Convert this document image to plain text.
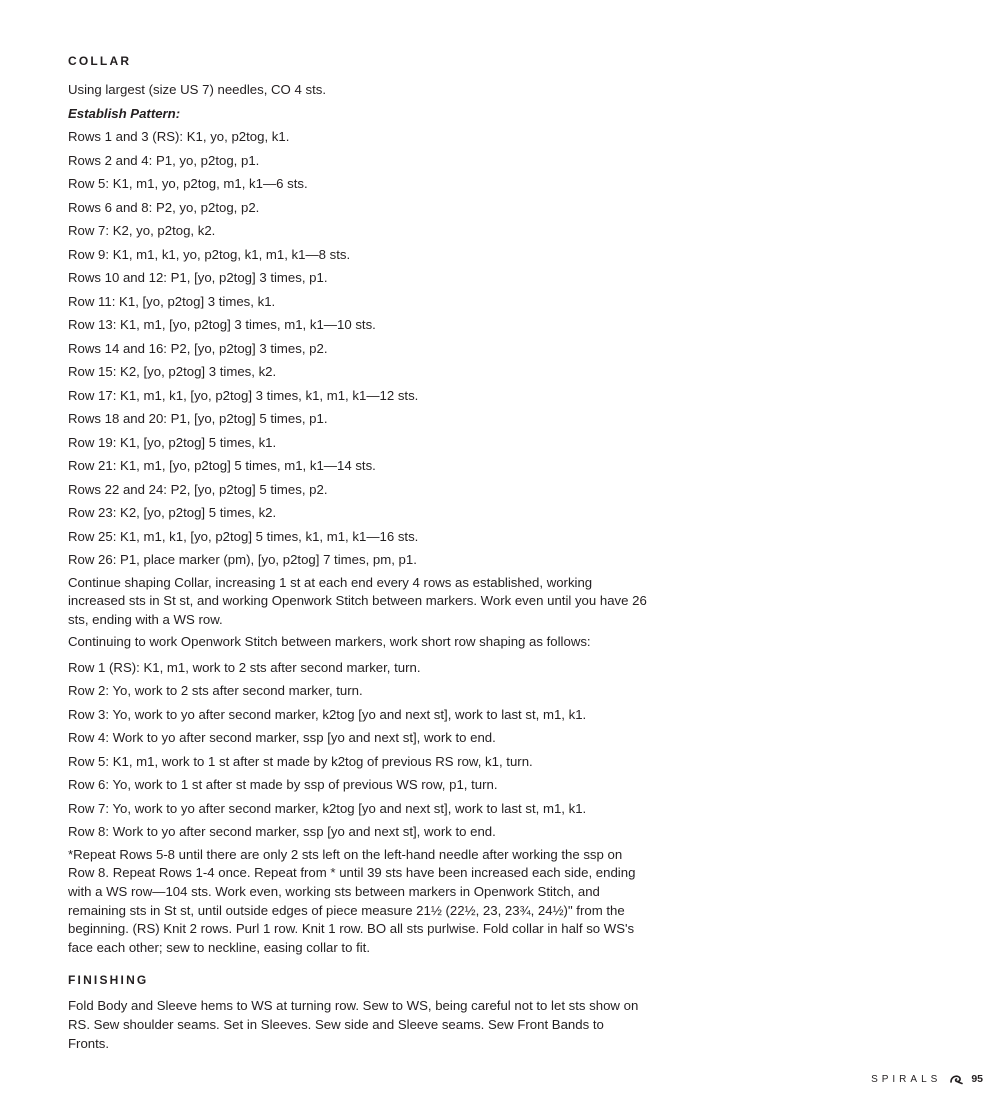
COLLAR

Using largest (size US 7) needles, CO 4 sts.

Establish Pattern:

Rows 1 and 3 (RS): K1, yo, p2tog, k1.

Rows 2 and 4: P1, yo, p2tog, p1.

Row 5: K1, m1, yo, p2tog, m1, k1—6 sts.

Rows 6 and 8: P2, yo, p2tog, p2.

Row 7: K2, yo, p2tog, k2.

Row 9: K1, m1, k1, yo, p2tog, k1, m1, k1—8 sts.

Rows 10 and 12: P1, [yo, p2tog] 3 times, p1.

Row 11: K1, [yo, p2tog] 3 times, k1.

Row 13: K1, m1, [yo, p2tog] 3 times, m1, k1—10 sts.

Rows 14 and 16: P2, [yo, p2tog] 3 times, p2.

Row 15: K2, [yo, p2tog] 3 times, k2.

Row 17: K1, m1, k1, [yo, p2tog] 3 times, k1, m1, k1—12 sts.

Rows 18 and 20: P1, [yo, p2tog] 5 times, p1.

Row 19: K1, [yo, p2tog] 5 times, k1.

Row 21: K1, m1, [yo, p2tog] 5 times, m1, k1—14 sts.

Rows 22 and 24: P2, [yo, p2tog] 5 times, p2.

Row 23: K2, [yo, p2tog] 5 times, k2.

Row 25: K1, m1, k1, [yo, p2tog] 5 times, k1, m1, k1—16 sts.

Row 26: P1, place marker (pm), [yo, p2tog] 7 times, pm, p1.

Continue shaping Collar, increasing 1 st at each end every 4 rows as established, working increased sts in St st, and working Openwork Stitch between markers. Work even until you have 26 sts, ending with a WS row.

Continuing to work Openwork Stitch between markers, work short row shaping as follows:

Row 1 (RS): K1, m1, work to 2 sts after second marker, turn.

Row 2: Yo, work to 2 sts after second marker, turn.

Row 3: Yo, work to yo after second marker, k2tog [yo and next st], work to last st, m1, k1.

Row 4: Work to yo after second marker, ssp [yo and next st], work to end.

Row 5: K1, m1, work to 1 st after st made by k2tog of previous RS row, k1, turn.

Row 6: Yo, work to 1 st after st made by ssp of previous WS row, p1, turn.

Row 7: Yo, work to yo after second marker, k2tog [yo and next st], work to last st, m1, k1.

Row 8: Work to yo after second marker, ssp [yo and next st], work to end.

*Repeat Rows 5-8 until there are only 2 sts left on the left-hand needle after working the ssp on Row 8. Repeat Rows 1-4 once. Repeat from * until 39 sts have been increased each side, ending with a WS row—104 sts. Work even, working sts between markers in Openwork Stitch, and remaining sts in St st, until outside edges of piece measure 21½ (22½, 23, 23¾, 24½)" from the beginning. (RS) Knit 2 rows. Purl 1 row. Knit 1 row. BO all sts purlwise. Fold collar in half so WS's face each other; sew to neckline, easing collar to fit.

FINISHING

Fold Body and Sleeve hems to WS at turning row. Sew to WS, being careful not to let sts show on RS. Sew shoulder seams. Set in Sleeves. Sew side and Sleeve seams. Sew Front Bands to Fronts.

SPIRALS	95
